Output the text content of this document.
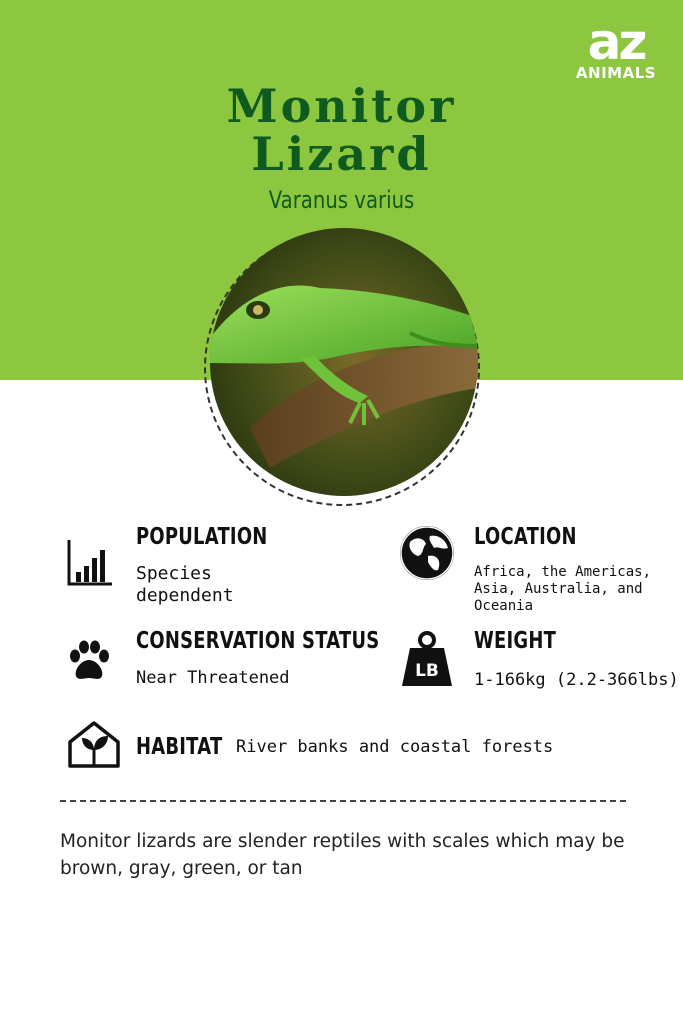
az
ANIMALS
Monitor
Lizard
Varanus varius
POPULATION
Species
dependent
LOCATION
Africa, the Americas,
Asia, Australia, and
Oceania
CONSERVATION STATUS
Near Threatened	LB
WEIGHT
1-166kg (2.2-366lbs)
HABITAT River banks and coastal forests
Monitor lizards are slender reptiles with scales which may be brown, gray, green, or tan
